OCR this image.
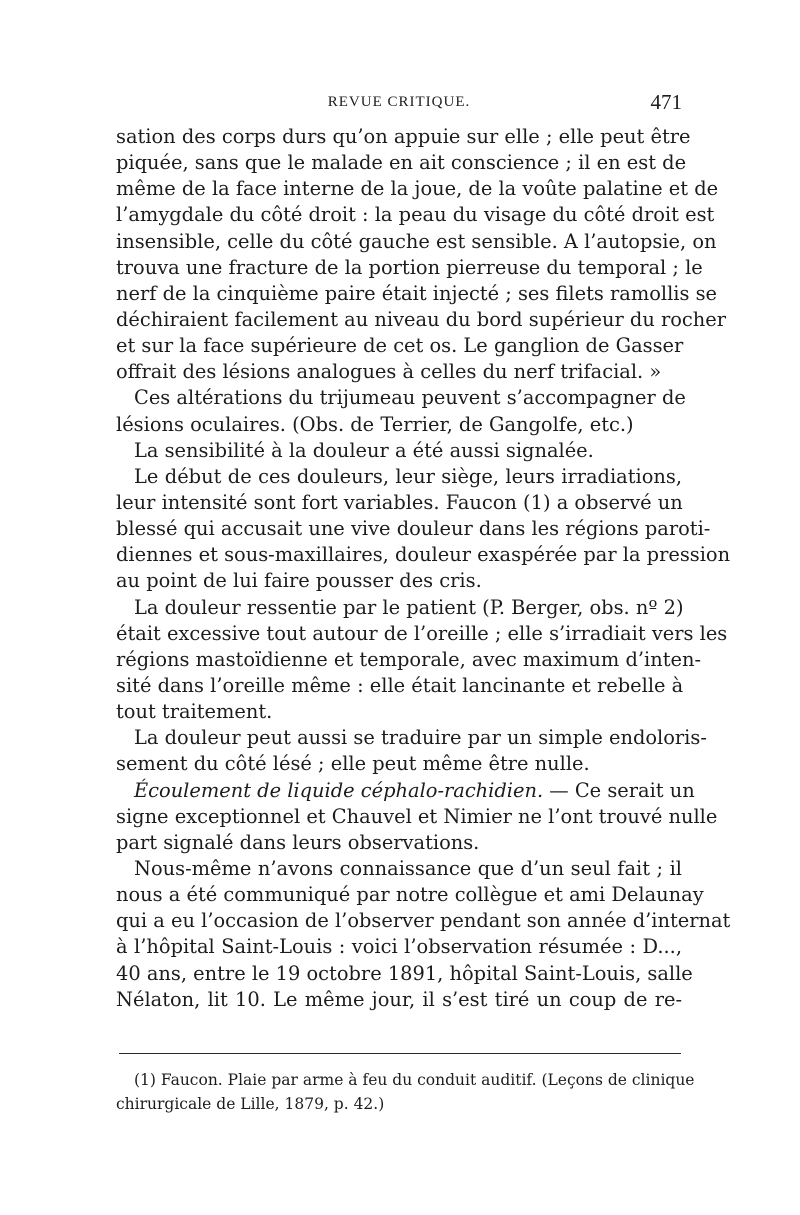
REVUE CRITIQUE.	471
sation des corps durs qu’on appuie sur elle ; elle peut être
piquée, sans que le malade en ait conscience ; il en est de
même de la face interne de la joue, de la voûte palatine et de
l’amygdale du côté droit : la peau du visage du côté droit est
insensible, celle du côté gauche est sensible. A l’autopsie, on
trouva une fracture de la portion pierreuse du temporal ; le
nerf de la cinquième paire était injecté ; ses filets ramollis se
déchiraient facilement au niveau du bord supérieur du rocher
et sur la face supérieure de cet os. Le ganglion de Gasser
offrait des lésions analogues à celles du nerf trifacial. »
Ces altérations du trijumeau peuvent s’accompagner de
lésions oculaires. (Obs. de Terrier, de Gangolfe, etc.)
La sensibilité à la douleur a été aussi signalée.
Le début de ces douleurs, leur siège, leurs irradiations,
leur intensité sont fort variables. Faucon (1) a observé un
blessé qui accusait une vive douleur dans les régions paroti-
diennes et sous-maxillaires, douleur exaspérée par la pression
au point de lui faire pousser des cris.
La douleur ressentie par le patient (P. Berger, obs. nº 2)
était excessive tout autour de l’oreille ; elle s’irradiait vers les
régions mastoïdienne et temporale, avec maximum d’inten-
sité dans l’oreille même : elle était lancinante et rebelle à
tout traitement.
La douleur peut aussi se traduire par un simple endoloris-
sement du côté lésé ; elle peut même être nulle.
Écoulement de liquide céphalo-rachidien. — Ce serait un
signe exceptionnel et Chauvel et Nimier ne l’ont trouvé nulle
part signalé dans leurs observations.
Nous-même n’avons connaissance que d’un seul fait ; il
nous a été communiqué par notre collègue et ami Delaunay
qui a eu l’occasion de l’observer pendant son année d’internat
à l’hôpital Saint-Louis : voici l’observation résumée : D...,
40 ans, entre le 19 octobre 1891, hôpital Saint-Louis, salle
Nélaton, lit 10. Le même jour, il s’est tiré un coup de re-
(1) Faucon. Plaie par arme à feu du conduit auditif. (Leçons de clinique
chirurgicale de Lille, 1879, p. 42.)
